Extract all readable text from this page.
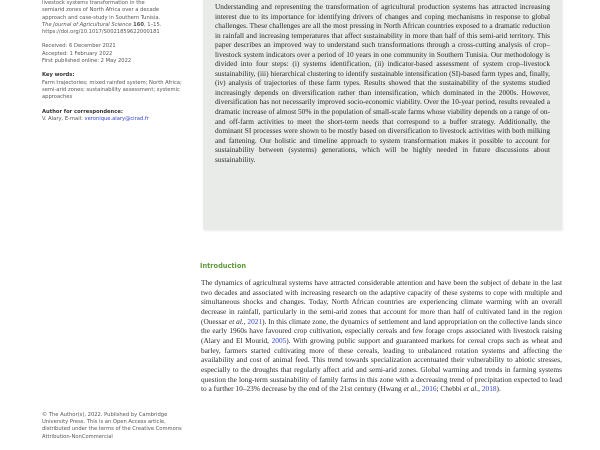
livestock systems transformation in the
semiarid zones of North Africa over a decade
approach and case-study in Southern Tunisia.
The Journal of Agricultural Science 160, 1–15.
https://doi.org/10.1017/S0021859622000181
Received: 6 December 2021
Accepted: 1 February 2022
First published online: 2 May 2022
Key words:
Farm trajectories; mixed rainfed system; North Africa; semi-arid zones; sustainability assessment; systemic approaches
Author for correspondence:
V. Alary, E-mail: veronique.alary@cirad.fr
© The Author(s), 2022. Published by Cambridge University Press. This is an Open Access article, distributed under the terms of the Creative Commons Attribution-NonCommercial

Understanding and representing the transformation of agricultural production systems has attracted increasing interest due to its importance for identifying drivers of changes and coping mechanisms in response to global challenges. These challenges are all the most pressing in North African countries exposed to a dramatic reduction in rainfall and increasing temperatures that affect sustainability in more than half of this semi-arid territory. This paper describes an improved way to understand such transformations through a cross-cutting analysis of crop–livestock system indicators over a period of 10 years in one community in Southern Tunisia. Our methodology is divided into four steps: (i) systems identification, (ii) indicator-based assessment of system crop–livestock sustainability, (iii) hierarchical clustering to identify sustainable intensification (SI)-based farm types and, finally, (iv) analysis of trajectories of these farm types. Results showed that the sustainability of the systems studied increasingly depends on diversification rather than intensification, which dominated in the 2000s. However, diversification has not necessarily improved socio-economic viability. Over the 10-year period, results revealed a dramatic increase of almost 50% in the population of small-scale farms whose viability depends on a range of on- and off-farm activities to meet the short-term needs that correspond to a buffer strategy. Additionally, the dominant SI processes were shown to be mostly based on diversification to livestock activities with both milking and fattening. Our holistic and timeline approach to system transformation makes it possible to account for sustainability between (systems) generations, which will be highly needed in future discussions about sustainability.

Introduction

The dynamics of agricultural systems have attracted considerable attention and have been the subject of debate in the last two decades and associated with increasing research on the adaptive capacity of these systems to cope with multiple and simultaneous shocks and changes. Today, North African countries are experiencing climate warming with an overall decrease in rainfall, particularly in the semi-arid zones that account for more than half of cultivated land in the region (Ouessar et al., 2021). In this climate zone, the dynamics of settlement and land appropriation on the collective lands since the early 1960s have favoured crop cultivation, especially cereals and few forage crops associated with livestock raising (Alary and El Mourid, 2005). With growing public support and guaranteed markets for cereal crops such as wheat and barley, farmers started cultivating more of these cereals, leading to unbalanced rotation systems and affecting the availability and cost of animal feed. This trend towards specialization accentuated their vulnerability to abiotic stresses, especially to the droughts that regularly affect arid and semi-arid zones. Global warming and trends in farming systems question the long-term sustainability of family farms in this zone with a decreasing trend of precipitation expected to lead to a further 10–23% decrease by the end of the 21st century (Hwang et al., 2016; Chebbi et al., 2018).
